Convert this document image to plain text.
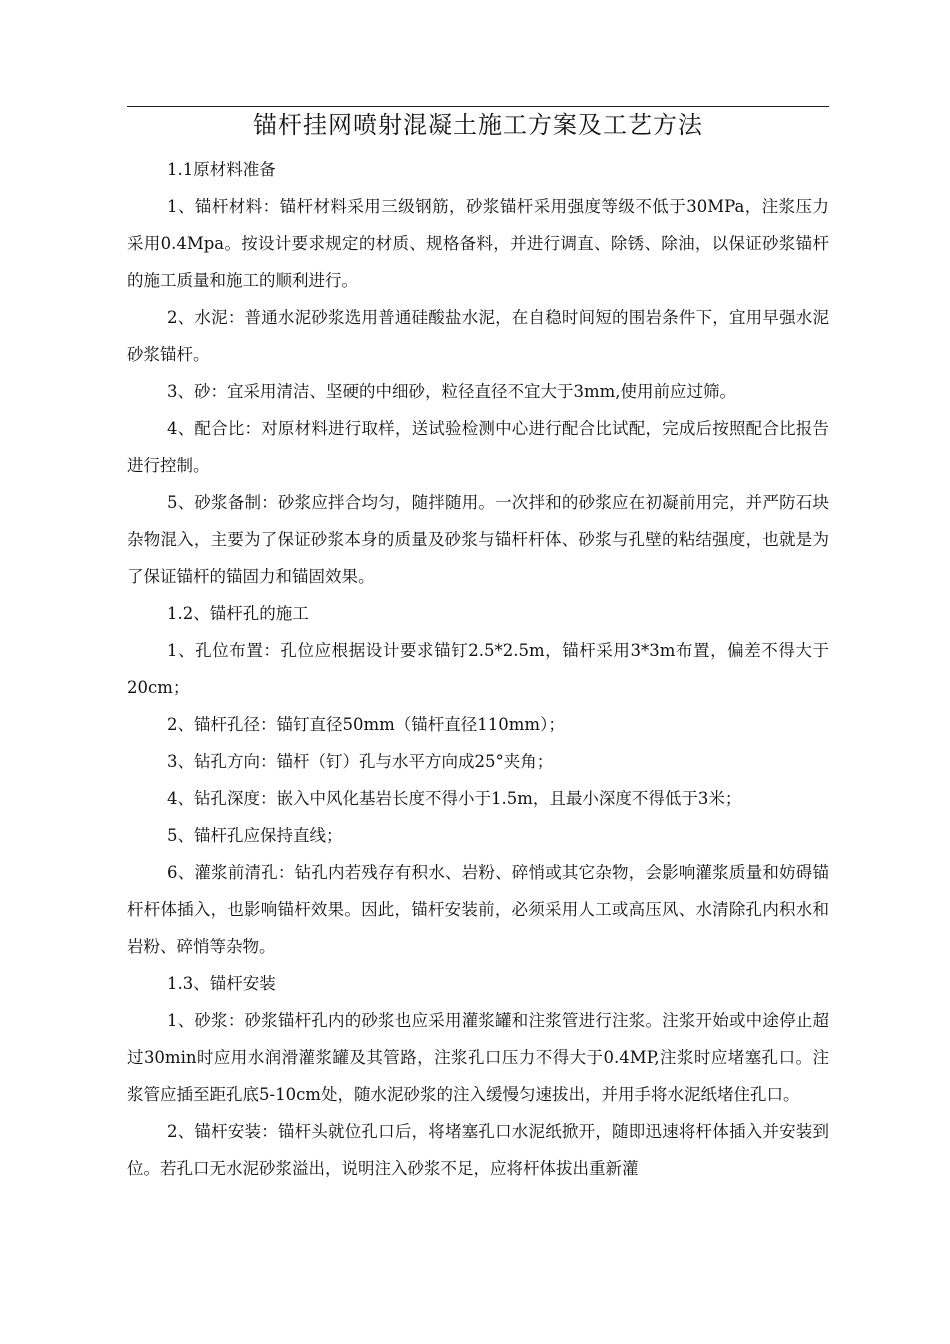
锚杆挂网喷射混凝土施工方案及工艺方法

1.1原材料准备

1、锚杆材料：锚杆材料采用三级钢筋，砂浆锚杆采用强度等级不低于30MPa，注浆压力采用0.4Mpa。按设计要求规定的材质、规格备料，并进行调直、除锈、除油，以保证砂浆锚杆的施工质量和施工的顺利进行。

2、水泥：普通水泥砂浆选用普通硅酸盐水泥，在自稳时间短的围岩条件下，宜用早强水泥砂浆锚杆。

3、砂：宜采用清洁、坚硬的中细砂，粒径直径不宜大于3mm,使用前应过筛。

4、配合比：对原材料进行取样，送试验检测中心进行配合比试配，完成后按照配合比报告进行控制。

5、砂浆备制：砂浆应拌合均匀，随拌随用。一次拌和的砂浆应在初凝前用完，并严防石块杂物混入，主要为了保证砂浆本身的质量及砂浆与锚杆杆体、砂浆与孔壁的粘结强度，也就是为了保证锚杆的锚固力和锚固效果。

1.2、锚杆孔的施工

1、孔位布置：孔位应根据设计要求锚钉2.5*2.5m，锚杆采用3*3m布置，偏差不得大于20cm；

2、锚杆孔径：锚钉直径50mm（锚杆直径110mm）；

3、钻孔方向：锚杆（钉）孔与水平方向成25°夹角；

4、钻孔深度：嵌入中风化基岩长度不得小于1.5m，且最小深度不得低于3米；

5、锚杆孔应保持直线；

6、灌浆前清孔：钻孔内若残存有积水、岩粉、碎悄或其它杂物，会影响灌浆质量和妨碍锚杆杆体插入，也影响锚杆效果。因此，锚杆安装前，必须采用人工或高压风、水清除孔内积水和岩粉、碎悄等杂物。

1.3、锚杆安装

1、砂浆：砂浆锚杆孔内的砂浆也应采用灌浆罐和注浆管进行注浆。注浆开始或中途停止超过30min时应用水润滑灌浆罐及其管路，注浆孔口压力不得大于0.4MP,注浆时应堵塞孔口。注浆管应插至距孔底5-10cm处，随水泥砂浆的注入缓慢匀速拔出，并用手将水泥纸堵住孔口。

2、锚杆安装：锚杆头就位孔口后，将堵塞孔口水泥纸掀开，随即迅速将杆体插入并安装到位。若孔口无水泥砂浆溢出，说明注入砂浆不足，应将杆体拔出重新灌
